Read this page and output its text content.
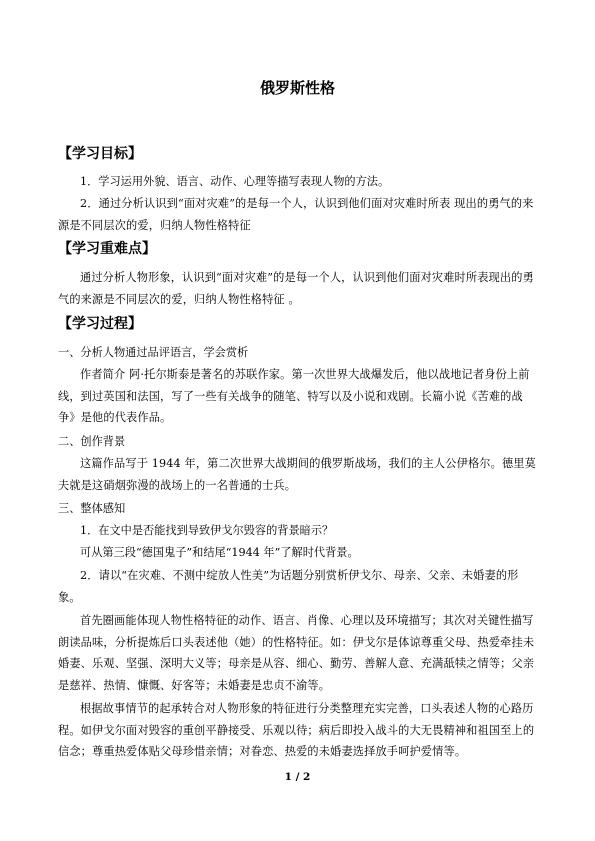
俄罗斯性格
【学习目标】
1．学习运用外貌、语言、动作、心理等描写表现人物的方法。

2．通过分析认识到“面对灾难”的是每一个人，认识到他们面对灾难时所表 现出的勇气的来源是不同层次的爱，归纳人物性格特征

【学习重难点】

通过分析人物形象，认识到“面对灾难”的是每一个人，认识到他们面对灾难时所表现出的勇气的来源是不同层次的爱，归纳人物性格特征 。

【学习过程】
一、分析人物通过品评语言，学会赏析

作者简介 阿·托尔斯泰是著名的苏联作家。第一次世界大战爆发后，他以战地记者身份上前线，到过英国和法国，写了一些有关战争的随笔、特写以及小说和戏剧。长篇小说《苦难的战争》是他的代表作品。

二、创作背景

这篇作品写于 1944 年，第二次世界大战期间的俄罗斯战场，我们的主人公伊格尔。德里莫夫就是这硝烟弥漫的战场上的一名普通的士兵。

三、整体感知
1．在文中是否能找到导致伊戈尔毁容的背景暗示？
可从第三段“德国鬼子”和结尾“1944 年”了解时代背景。

2．请以“在灾难、不测中绽放人性美”为话题分别赏析伊戈尔、母亲、父亲、未婚妻的形象。

首先圈画能体现人物性格特征的动作、语言、肖像、心理以及环境描写；其次对关键性描写朗读品味，分析提炼后口头表述他（她）的性格特征。如：伊戈尔是体谅尊重父母、热爱牵挂未婚妻、乐观、坚强、深明大义等；母亲是从容、细心、勤劳、善解人意、充满舐犊之情等；父亲是慈祥、热情、慷慨、好客等；未婚妻是忠贞不渝等。

根据故事情节的起承转合对人物形象的特征进行分类整理充实完善，口头表述人物的心路历程。如伊戈尔面对毁容的重创平静接受、乐观以待；病后即投入战斗的大无畏精神和祖国至上的信念；尊重热爱体贴父母珍惜亲情；对眷恋、热爱的未婚妻选择放手呵护爱情等。

1 / 2
